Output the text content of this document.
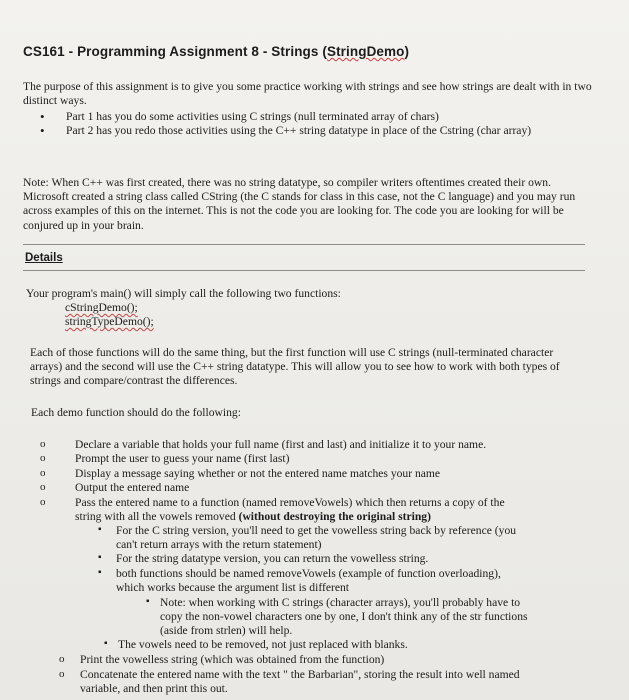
CS161 - Programming Assignment 8 - Strings (StringDemo)
The purpose of this assignment is to give you some practice working with strings and see how strings are dealt with in two distinct ways.
• Part 1 has you do some activities using C strings (null terminated array of chars)
• Part 2 has you redo those activities using the C++ string datatype in place of the Cstring (char array)
Note: When C++ was first created, there was no string datatype, so compiler writers oftentimes created their own. Microsoft created a string class called CString (the C stands for class in this case, not the C language) and you may run across examples of this on the internet. This is not the code you are looking for. The code you are looking for will be conjured up in your brain.
Details
Your program's main() will simply call the following two functions:
cStringDemo();
stringTypeDemo();
Each of those functions will do the same thing, but the first function will use C strings (null-terminated character arrays) and the second will use the C++ string datatype. This will allow you to see how to work with both types of strings and compare/contrast the differences.
Each demo function should do the following:
o	Declare a variable that holds your full name (first and last) and initialize it to your name.
o	Prompt the user to guess your name (first last)
o	Display a message saying whether or not the entered name matches your name
o	Output the entered name
o	Pass the entered name to a function (named removeVowels) which then returns a copy of the
string with all the vowels removed (without destroying the original string)
▪ For the C string version, you'll need to get the vowelless string back by reference (you
can't return arrays with the return statement)
▪ For the string datatype version, you can return the vowelless string.
▪ both functions should be named removeVowels (example of function overloading),
which works because the argument list is different
▪ Note: when working with C strings (character arrays), you'll probably have to
copy the non-vowel characters one by one, I don't think any of the str functions
(aside from strlen) will help.
▪ The vowels need to be removed, not just replaced with blanks.
o Print the vowelless string (which was obtained from the function)
o Concatenate the entered name with the text " the Barbarian", storing the result into well named
variable, and then print this out.
